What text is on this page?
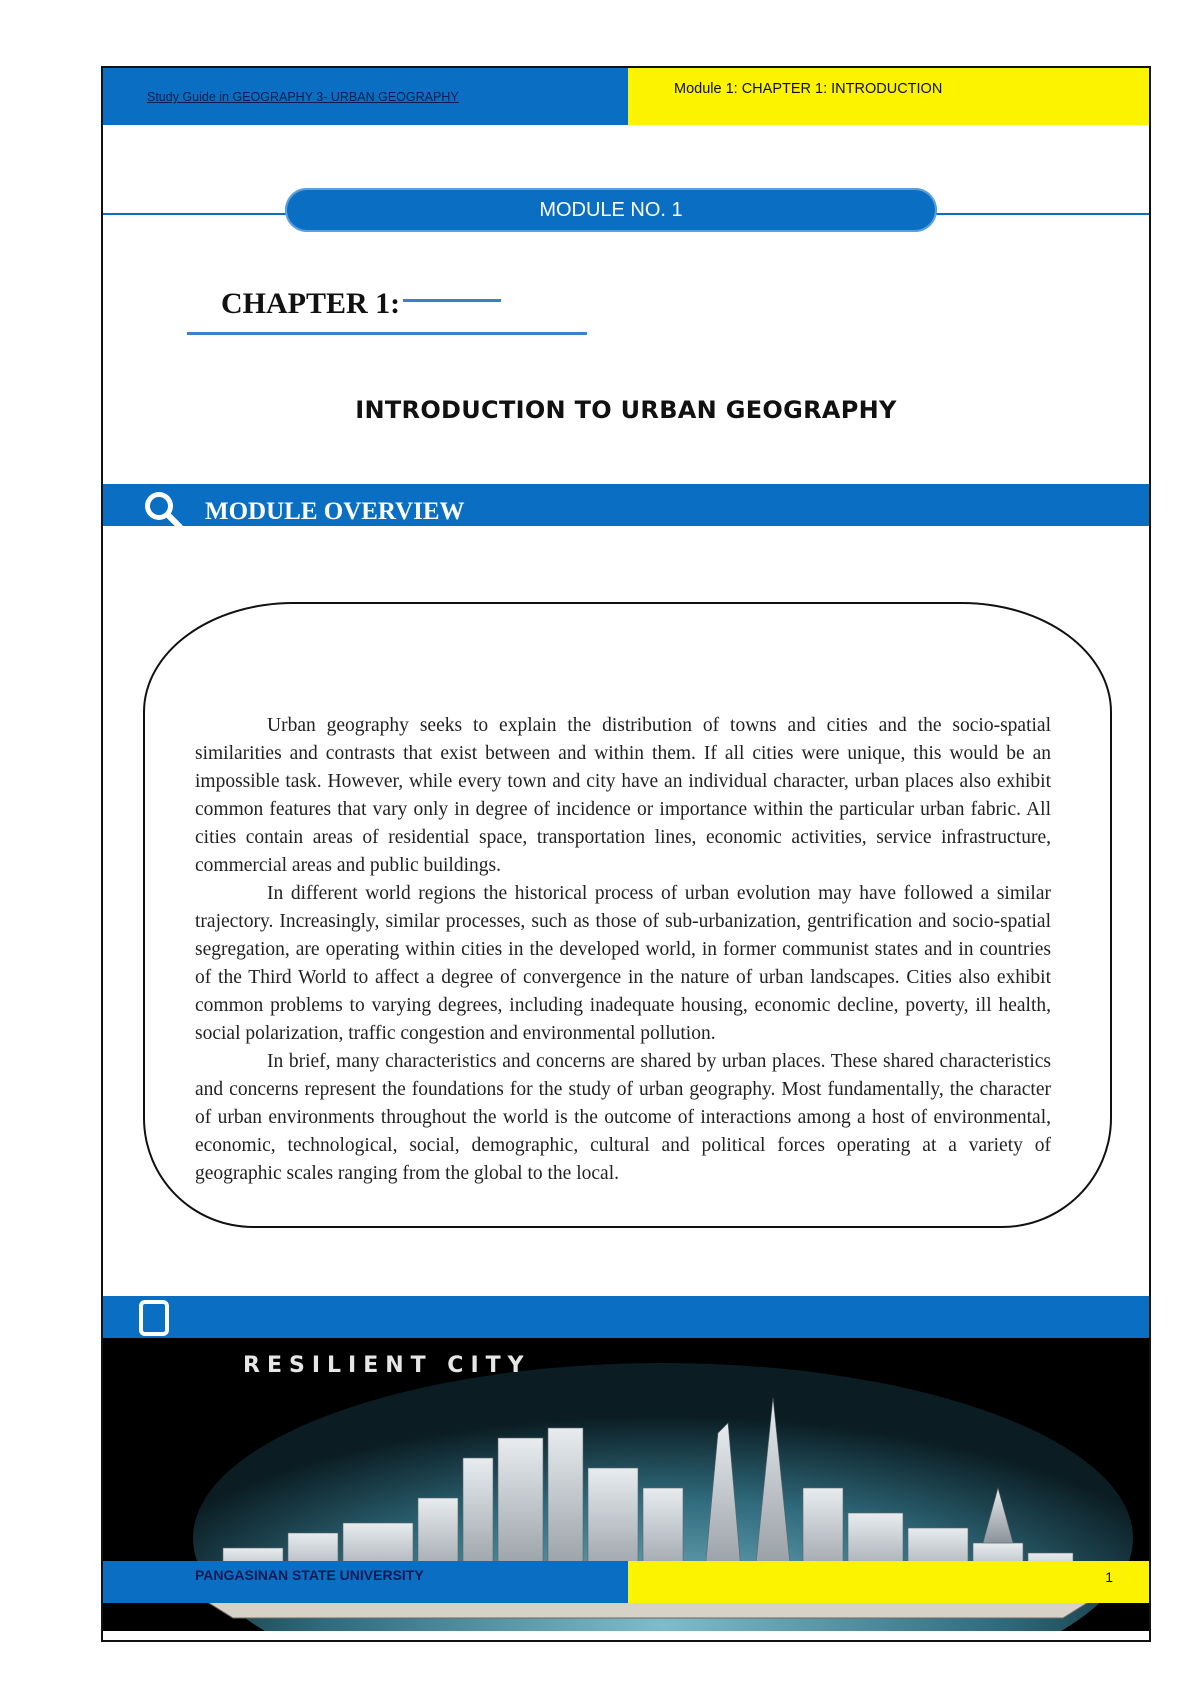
Study Guide in GEOGRAPHY 3- URBAN GEOGRAPHY	Module 1: CHAPTER 1: INTRODUCTION
MODULE NO. 1
CHAPTER 1:
INTRODUCTION TO URBAN GEOGRAPHY
MODULE OVERVIEW
RESILIENT CITY
PANGASINAN STATE UNIVERSITY	1

Urban geography seeks to explain the distribution of towns and cities and the socio-spatial similarities and contrasts that exist between and within them. If all cities were unique, this would be an impossible task. However, while every town and city have an individual character, urban places also exhibit common features that vary only in degree of incidence or importance within the particular urban fabric. All cities contain areas of residential space, transportation lines, economic activities, service infrastructure, commercial areas and public buildings.

In different world regions the historical process of urban evolution may have followed a similar trajectory. Increasingly, similar processes, such as those of sub-urbanization, gentrification and socio-spatial segregation, are operating within cities in the developed world, in former communist states and in countries of the Third World to affect a degree of convergence in the nature of urban landscapes. Cities also exhibit common problems to varying degrees, including inadequate housing, economic decline, poverty, ill health, social polarization, traffic congestion and environmental pollution.

In brief, many characteristics and concerns are shared by urban places. These shared characteristics and concerns represent the foundations for the study of urban geography. Most fundamentally, the character of urban environments throughout the world is the outcome of interactions among a host of environmental, economic, technological, social, demographic, cultural and political forces operating at a variety of geographic scales ranging from the global to the local.
